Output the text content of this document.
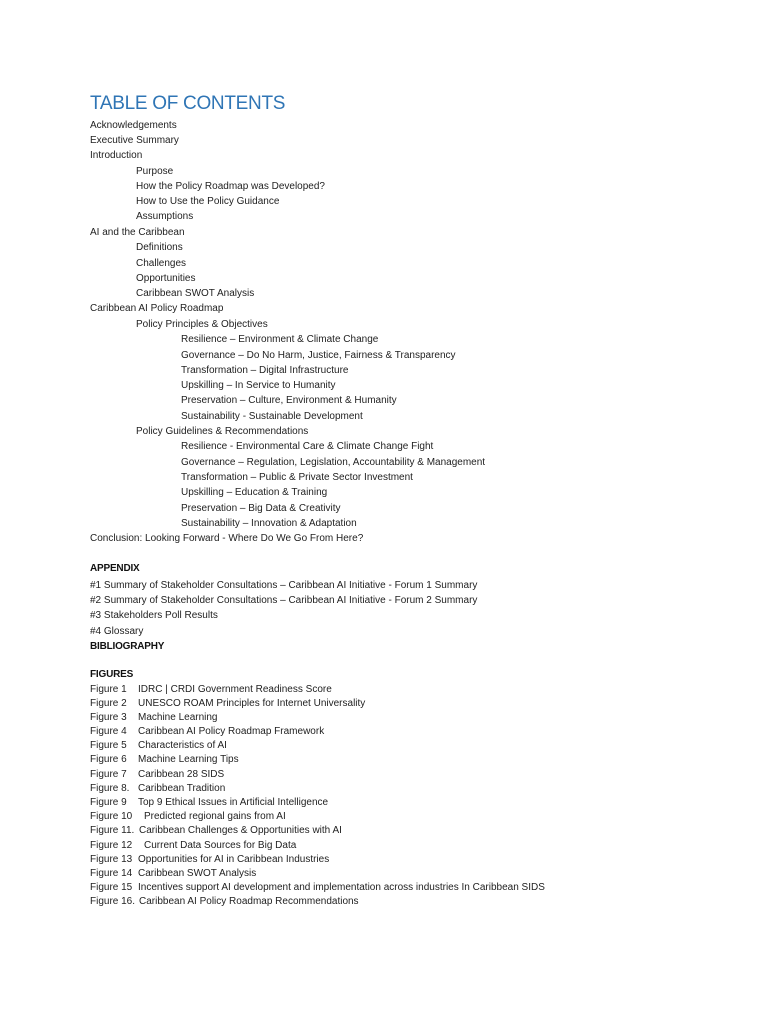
TABLE OF CONTENTS
Acknowledgements
Executive Summary
Introduction
Purpose
How the Policy Roadmap was Developed?
How to Use the Policy Guidance
Assumptions
AI and the Caribbean
Definitions
Challenges
Opportunities
Caribbean SWOT Analysis
Caribbean AI Policy Roadmap
Policy Principles & Objectives
Resilience – Environment & Climate Change
Governance – Do No Harm, Justice, Fairness & Transparency
Transformation – Digital Infrastructure
Upskilling – In Service to Humanity
Preservation – Culture, Environment & Humanity
Sustainability - Sustainable Development
Policy Guidelines & Recommendations
Resilience - Environmental Care & Climate Change Fight
Governance – Regulation, Legislation, Accountability & Management
Transformation – Public & Private Sector Investment
Upskilling – Education & Training
Preservation – Big Data & Creativity
Sustainability – Innovation & Adaptation
Conclusion: Looking Forward - Where Do We Go From Here?
APPENDIX
#1 Summary of Stakeholder Consultations – Caribbean AI Initiative - Forum 1 Summary
#2 Summary of Stakeholder Consultations – Caribbean AI Initiative - Forum 2 Summary
#3 Stakeholders Poll Results
#4 Glossary
BIBLIOGRAPHY
FIGURES
Figure 1 IDRC | CRDI Government Readiness Score
Figure 2 UNESCO ROAM Principles for Internet Universality
Figure 3 Machine Learning
Figure 4 Caribbean AI Policy Roadmap Framework
Figure 5 Characteristics of AI
Figure 6 Machine Learning Tips
Figure 7 Caribbean 28 SIDS
Figure 8. Caribbean Tradition
Figure 9 Top 9 Ethical Issues in Artificial Intelligence
Figure 10 Predicted regional gains from AI
Figure 11. Caribbean Challenges & Opportunities with AI
Figure 12 Current Data Sources for Big Data
Figure 13 Opportunities for AI in Caribbean Industries
Figure 14 Caribbean SWOT Analysis
Figure 15 Incentives support AI development and implementation across industries In Caribbean SIDS
Figure 16. Caribbean AI Policy Roadmap Recommendations
